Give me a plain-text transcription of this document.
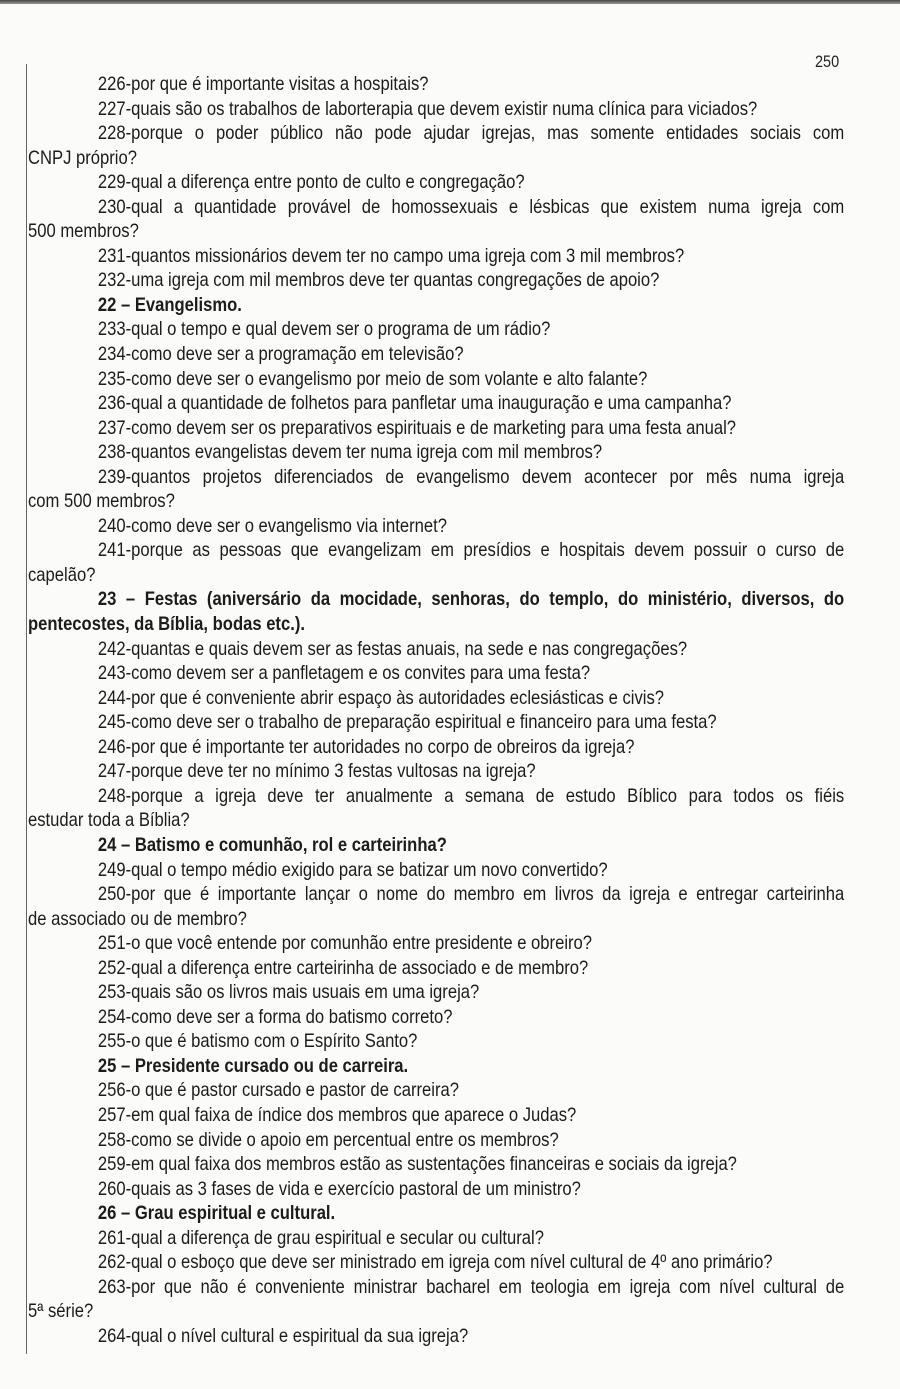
250
226-por que é importante visitas a hospitais?
227-quais são os trabalhos de laborterapia que devem existir numa clínica para viciados?
228-porque o poder público não pode ajudar igrejas, mas somente entidades sociais com
CNPJ próprio?
229-qual a diferença entre ponto de culto e congregação?
230-qual a quantidade provável de homossexuais e lésbicas que existem numa igreja com
500 membros?
231-quantos missionários devem ter no campo uma igreja com 3 mil membros?
232-uma igreja com mil membros deve ter quantas congregações de apoio?
22 – Evangelismo.
233-qual o tempo e qual devem ser o programa de um rádio?
234-como deve ser a programação em televisão?
235-como deve ser o evangelismo por meio de som volante e alto falante?
236-qual a quantidade de folhetos para panfletar uma inauguração e uma campanha?
237-como devem ser os preparativos espirituais e de marketing para uma festa anual?
238-quantos evangelistas devem ter numa igreja com mil membros?
239-quantos projetos diferenciados de evangelismo devem acontecer por mês numa igreja
com 500 membros?
240-como deve ser o evangelismo via internet?
241-porque as pessoas que evangelizam em presídios e hospitais devem possuir o curso de
capelão?
23 – Festas (aniversário da mocidade, senhoras, do templo, do ministério, diversos, do
pentecostes, da Bíblia, bodas etc.).
242-quantas e quais devem ser as festas anuais, na sede e nas congregações?
243-como devem ser a panfletagem e os convites para uma festa?
244-por que é conveniente abrir espaço às autoridades eclesiásticas e civis?
245-como deve ser o trabalho de preparação espiritual e financeiro para uma festa?
246-por que é importante ter autoridades no corpo de obreiros da igreja?
247-porque deve ter no mínimo 3 festas vultosas na igreja?
248-porque a igreja deve ter anualmente a semana de estudo Bíblico para todos os fiéis
estudar toda a Bíblia?
24 – Batismo e comunhão, rol e carteirinha?
249-qual o tempo médio exigido para se batizar um novo convertido?
250-por que é importante lançar o nome do membro em livros da igreja e entregar carteirinha
de associado ou de membro?
251-o que você entende por comunhão entre presidente e obreiro?
252-qual a diferença entre carteirinha de associado e de membro?
253-quais são os livros mais usuais em uma igreja?
254-como deve ser a forma do batismo correto?
255-o que é batismo com o Espírito Santo?
25 – Presidente cursado ou de carreira.
256-o que é pastor cursado e pastor de carreira?
257-em qual faixa de índice dos membros que aparece o Judas?
258-como se divide o apoio em percentual entre os membros?
259-em qual faixa dos membros estão as sustentações financeiras e sociais da igreja?
260-quais as 3 fases de vida e exercício pastoral de um ministro?
26 – Grau espiritual e cultural.
261-qual a diferença de grau espiritual e secular ou cultural?
262-qual o esboço que deve ser ministrado em igreja com nível cultural de 4º ano primário?
263-por que não é conveniente ministrar bacharel em teologia em igreja com nível cultural de
5ª série?
264-qual o nível cultural e espiritual da sua igreja?
